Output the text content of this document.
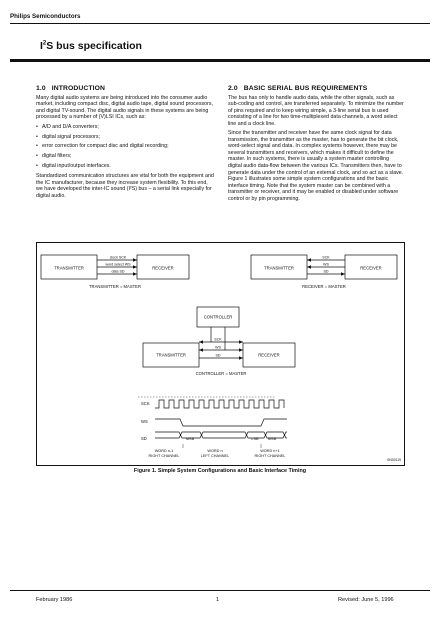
Philips Semiconductors
$I^2S$ bus specification
1.0 INTRODUCTION

Many digital audio systems are being introduced into the consumer audio market, including compact disc, digital audio tape, digital sound processors, and digital TV-sound. The digital audio signals in these systems are being processed by a number of (V)LSI ICs, such as:

• A/D and D/A converters;
• digital signal processors;
• error correction for compact disc and digital recording;
• digital filters;
• digital input/output interfaces.

Standardized communication structures are vital for both the equipment and the IC manufacturer, because they increase system flexibility. To this end, we have developed the inter-IC sound (I²S) bus – a serial link especially for digital audio.

2.0 BASIC SERIAL BUS REQUIREMENTS

The bus has only to handle audio data, while the other signals, such as sub-coding and control, are transferred separately. To minimize the number of pins required and to keep wiring simple, a 3-line serial bus is used consisting of a line for two time-multiplexed data channels, a word select line and a clock line.

Since the transmitter and receiver have the same clock signal for data transmission, the transmitter as the master, has to generate the bit clock, word-select signal and data. In complex systems however, there may be several transmitters and receivers, which makes it difficult to define the master. In such systems, there is usually a system master controlling digital audio data-flow between the various ICs. Transmitters then, have to generate data under the control of an external clock, and so act as a slave. Figure 1 illustrates some simple system configurations and the basic interface timing. Note that the system master can be combined with a transmitter or receiver, and it may be enabled or disabled under software control or by pin programming.

TRANSMITTER	RECEIVER
clock SCK
word select WS
data SD
TRANSMITTER = MASTER
TRANSMITTER	RECEIVER
SCK
WS
SD
RECEIVER = MASTER
CONTROLLER
TRANSMITTER	RECEIVER
SCK
WS
SD
CONTROLLER = MASTER
SCK
WS
SD	MSB	LSB MSB
WORD n-1
RIGHT CHANNEL
WORD n
LEFT CHANNEL
WORD n+1
RIGHT CHANNEL
SN00119
Figure 1. Simple System Configurations and Basic Interface Timing
February 1986	1	Revised: June 5, 1996
